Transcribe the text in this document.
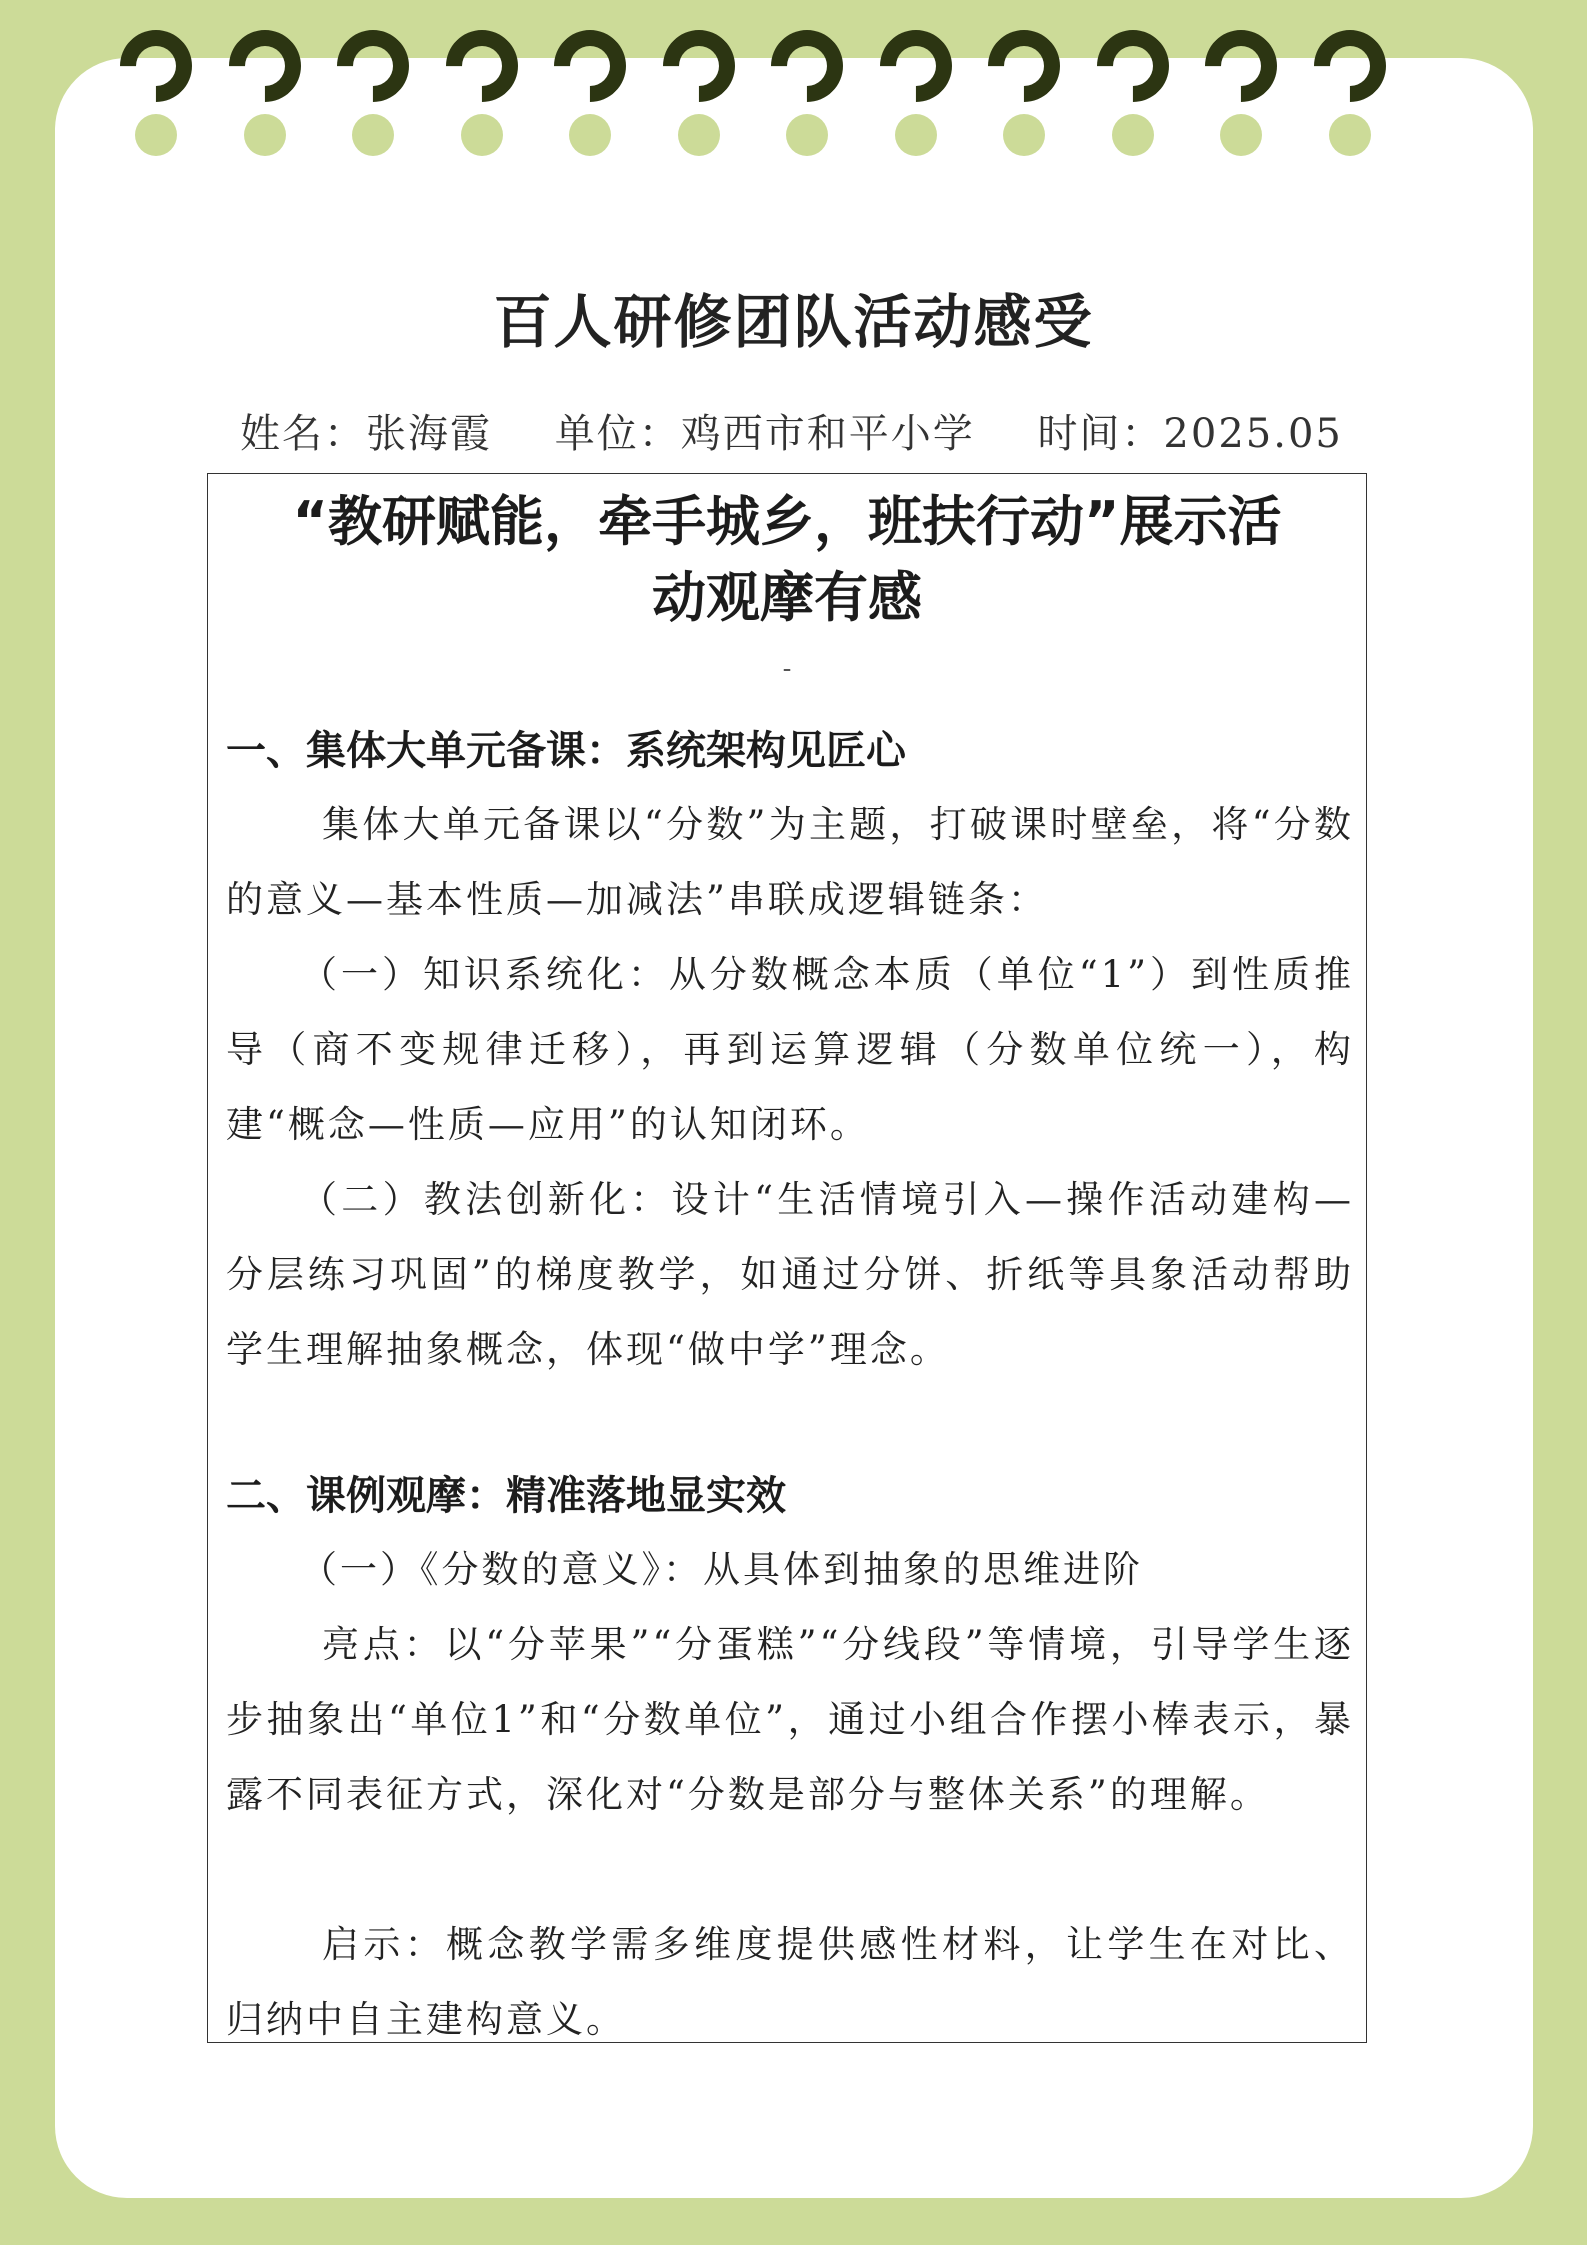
百人研修团队活动感受
姓名：张海霞 单位：鸡西市和平小学 时间：2025.05
“教研赋能，牵手城乡，班扶行动”展示活
动观摩有感
-
一、集体大单元备课：系统架构见匠心
集体大单元备课以“分数”为主题，打破课时壁垒，将“分数的意义—基本性质—加减法”串联成逻辑链条：
（一）知识系统化：从分数概念本质（单位“1”）到性质推导（商不变规律迁移），再到运算逻辑（分数单位统一），构建“概念—性质—应用”的认知闭环。
（二）教法创新化：设计“生活情境引入—操作活动建构—分层练习巩固”的梯度教学，如通过分饼、折纸等具象活动帮助学生理解抽象概念，体现“做中学”理念。
二、课例观摩：精准落地显实效
（一）《分数的意义》：从具体到抽象的思维进阶
亮点：以“分苹果”“分蛋糕”“分线段”等情境，引导学生逐步抽象出“单位1”和“分数单位”，通过小组合作摆小棒表示，暴露不同表征方式，深化对“分数是部分与整体关系”的理解。
启示：概念教学需多维度提供感性材料，让学生在对比、归纳中自主建构意义。
